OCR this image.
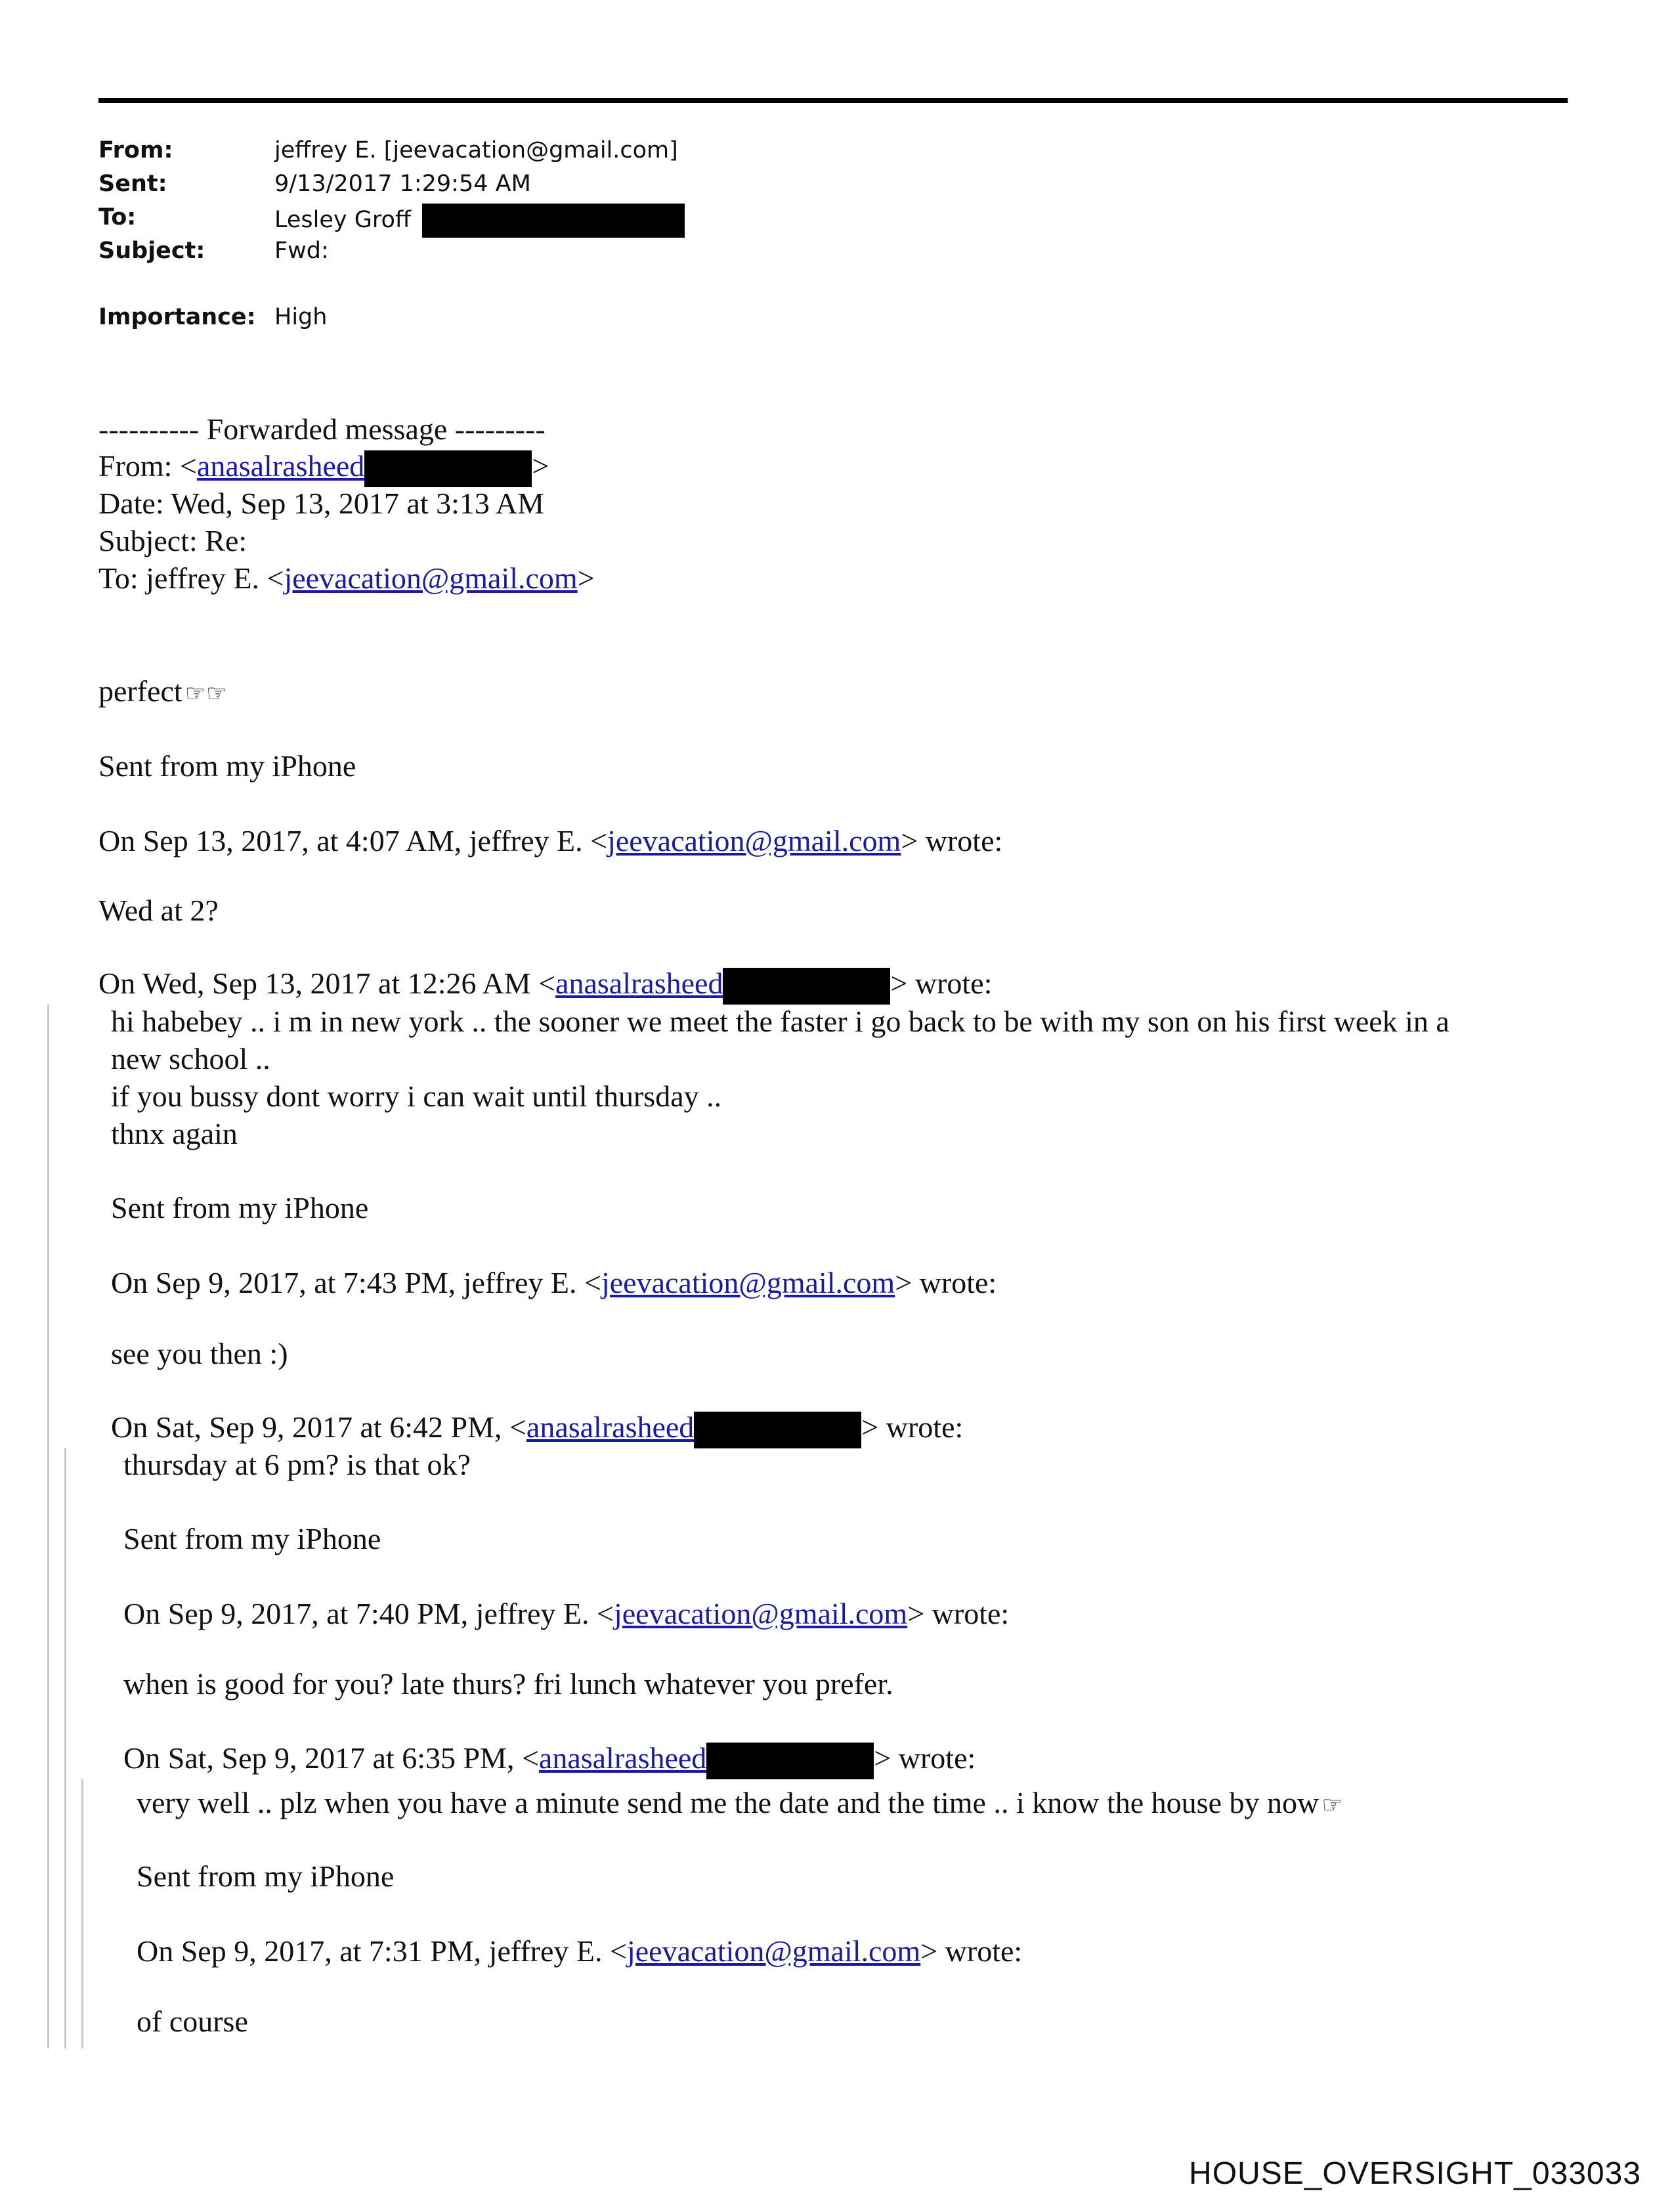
From:	jeffrey E. [jeevacation@gmail.com]
Sent:	9/13/2017 1:29:54 AM
To:	Lesley Groff
Subject:	Fwd:
Importance: High
---------- Forwarded message ---------
From: <anasalrasheed	>
Date: Wed, Sep 13, 2017 at 3:13 AM
Subject: Re:
To: jeffrey E. <jeevacation@gmail.com>
perfect ☞☞
Sent from my iPhone
On Sep 13, 2017, at 4:07 AM, jeffrey E. <jeevacation@gmail.com> wrote:
Wed at 2?
On Wed, Sep 13, 2017 at 12:26 AM <anasalrasheed	> wrote:
hi habebey .. i m in new york .. the sooner we meet the faster i go back to be with my son on his first week in a
new school ..
if you bussy dont worry i can wait until thursday ..
thnx again
Sent from my iPhone
On Sep 9, 2017, at 7:43 PM, jeffrey E. <jeevacation@gmail.com> wrote:
see you then :)
On Sat, Sep 9, 2017 at 6:42 PM, <anasalrasheed	> wrote:
thursday at 6 pm? is that ok?
Sent from my iPhone
On Sep 9, 2017, at 7:40 PM, jeffrey E. <jeevacation@gmail.com> wrote:
when is good for you? late thurs? fri lunch whatever you prefer.
On Sat, Sep 9, 2017 at 6:35 PM, <anasalrasheed	> wrote:
very well .. plz when you have a minute send me the date and the time .. i know the house by now ☞
Sent from my iPhone
On Sep 9, 2017, at 7:31 PM, jeffrey E. <jeevacation@gmail.com> wrote:
of course
HOUSE_OVERSIGHT_033033
